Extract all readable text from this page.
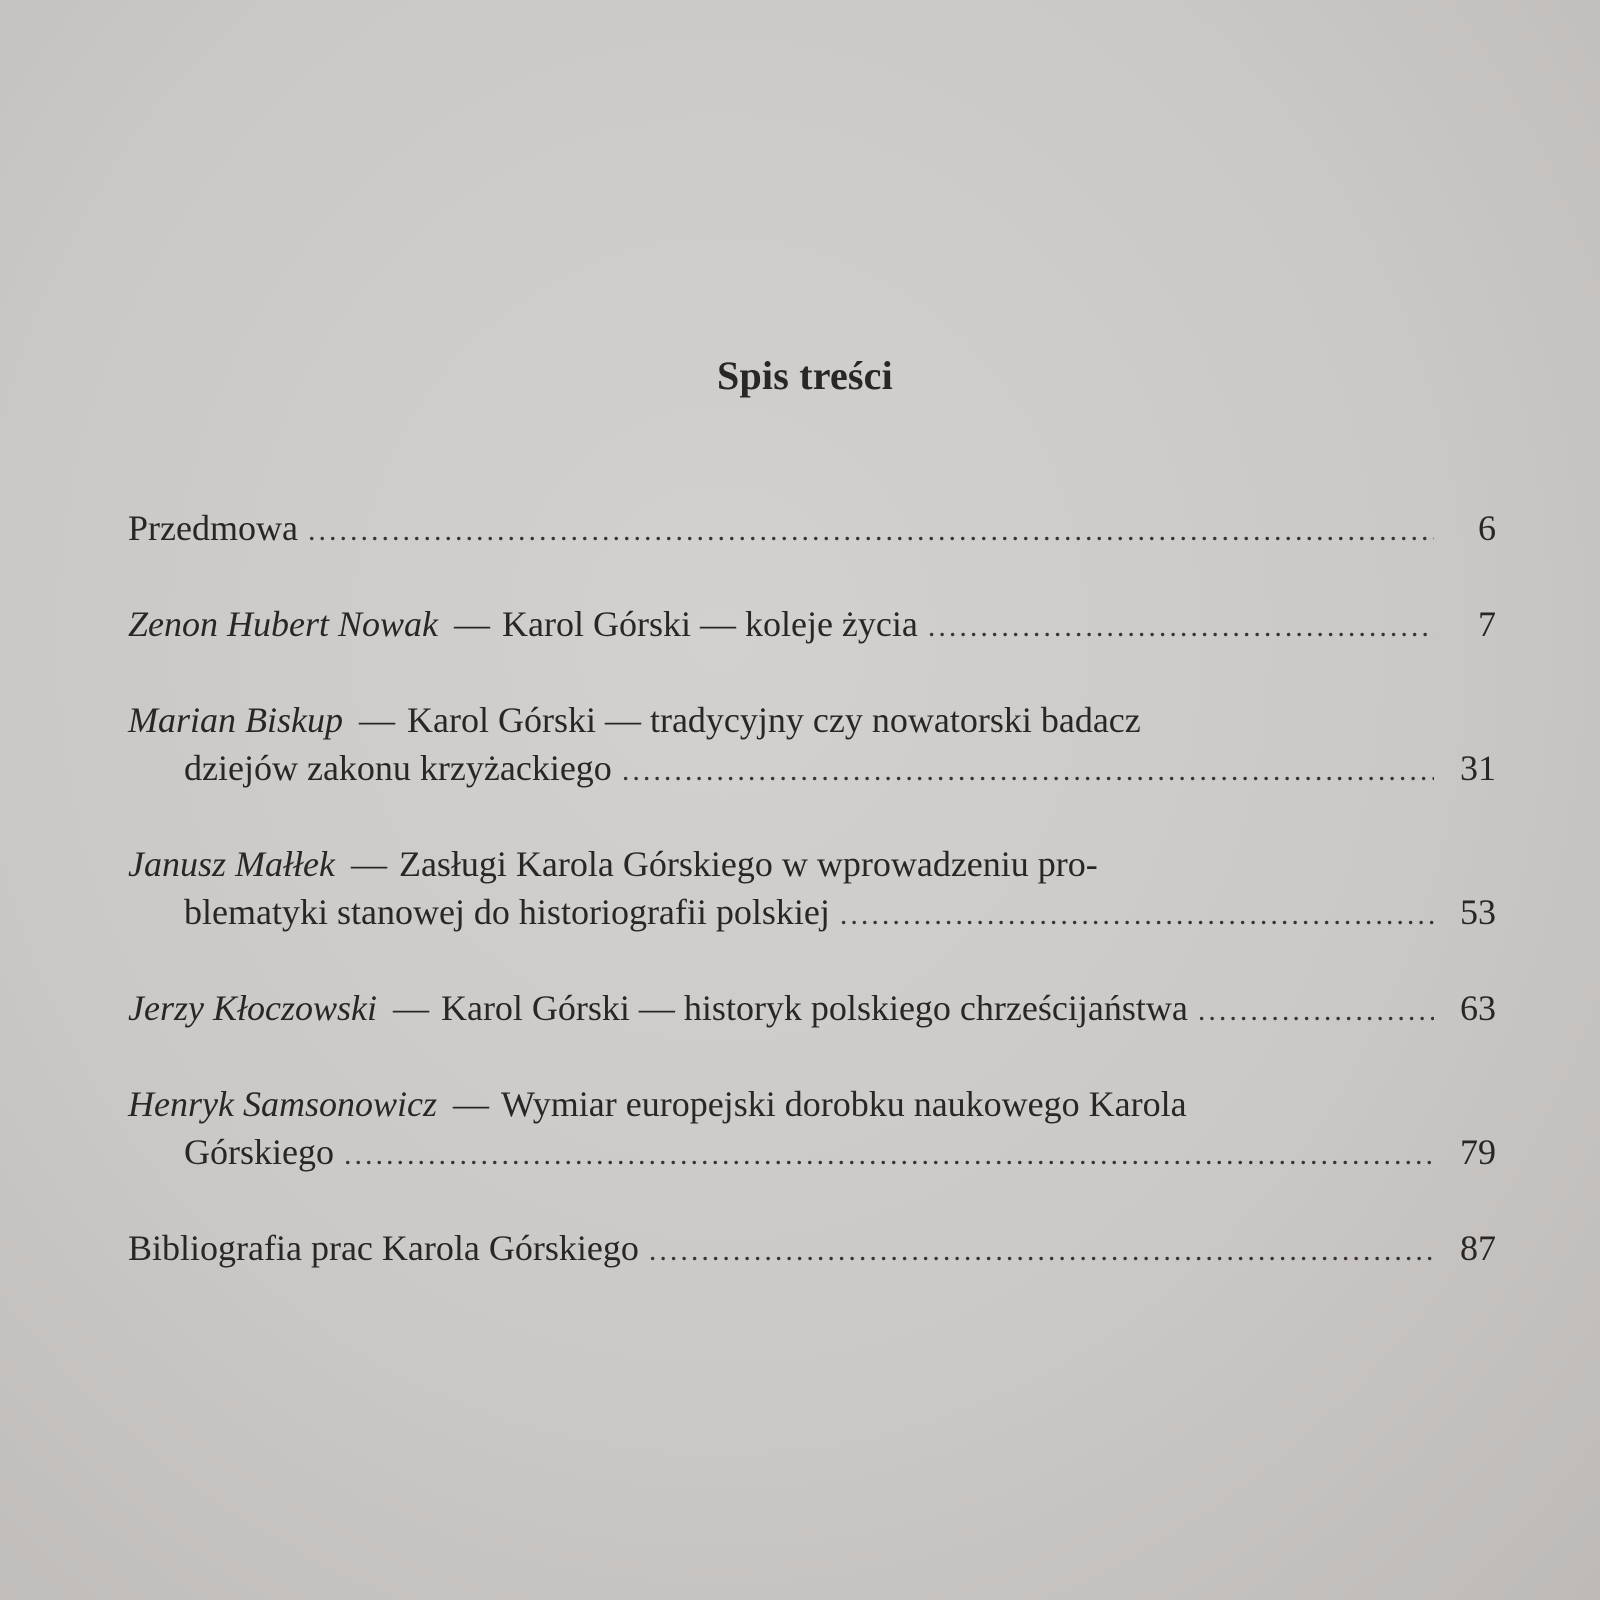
Spis treści
Przedmowa .....	6
Zenon Hubert Nowak — Karol Górski — koleje życia .....	7
Marian Biskup — Karol Górski — tradycyjny czy nowatorski badacz
dziejów zakonu krzyżackiego .....	31
Janusz Małłek — Zasługi Karola Górskiego w wprowadzeniu pro-
blematyki stanowej do historiografii polskiej .....	53
Jerzy Kłoczowski — Karol Górski — historyk polskiego chrześcijaństwa .....	63
Henryk Samsonowicz — Wymiar europejski dorobku naukowego Karola
Górskiego .....	79
Bibliografia prac Karola Górskiego .....	87
